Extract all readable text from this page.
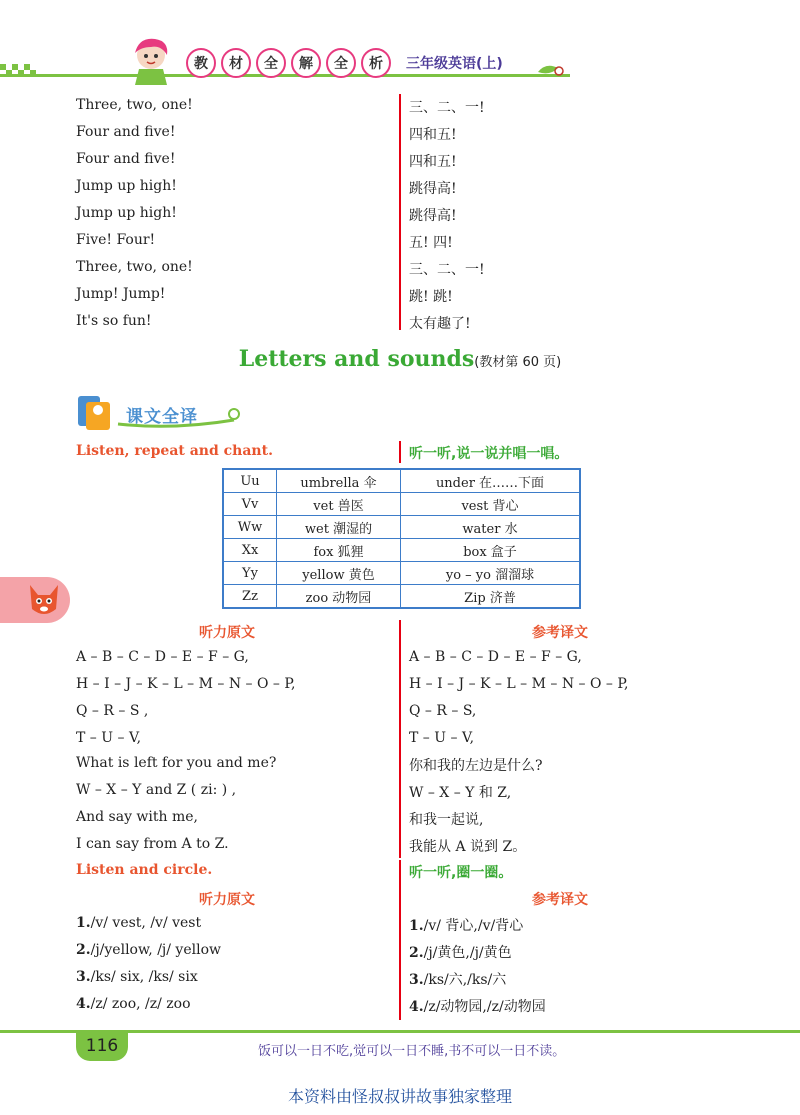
教	材	全	解	全	析	三年级英语(上)
Three, two, one!	三、二、一!
Four and five!	四和五!
Four and five!	四和五!
Jump up high!	跳得高!
Jump up high!	跳得高!
Five! Four!	五! 四!
Three, two, one!	三、二、一!
Jump! Jump!	跳! 跳!
It's so fun!	太有趣了!
Letters and sounds(教材第 60 页)
课文全译
Listen, repeat and chant.	听一听,说一说并唱一唱。
Uu	umbrella 伞	under 在……下面
Vv	vet 兽医	vest 背心
Ww	wet 潮湿的	water 水
Xx	fox 狐狸	box 盒子
Yy	yellow 黄色	yo – yo 溜溜球
Zz	zoo 动物园	Zip 济普
听力原文	参考译文
A – B – C – D – E – F – G,	A – B – C – D – E – F – G,
H – I – J – K – L – M – N – O – P,	H – I – J – K – L – M – N – O – P,
Q – R – S ,	Q – R – S,
T – U – V,	T – U – V,
What is left for you and me?	你和我的左边是什么?
W – X – Y and Z ( zi: ) ,	W – X – Y 和 Z,
And say with me,	和我一起说,
I can say from A to Z.	我能从 A 说到 Z。
Listen and circle.	听一听,圈一圈。
听力原文	参考译文
1./v/ vest, /v/ vest	1./v/ 背心,/v/背心
2./j/yellow, /j/ yellow	2./j/黄色,/j/黄色
3./ks/ six, /ks/ six	3./ks/六,/ks/六
4./z/ zoo, /z/ zoo	4./z/动物园,/z/动物园
116	饭可以一日不吃,觉可以一日不睡,书不可以一日不读。
本资料由怪叔叔讲故事独家整理
